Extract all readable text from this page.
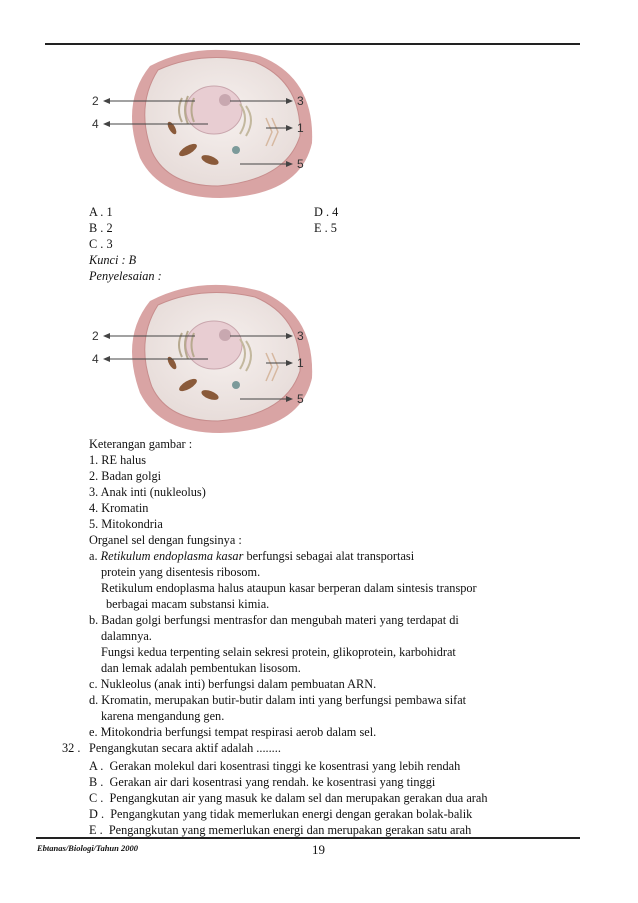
2
4
3
1
5
A . 1
B . 2
C . 3
D . 4
E . 5
Kunci : B
Penyelesaian :
2
4
3
1
5
Keterangan gambar :
1. RE halus
2. Badan golgi
3. Anak inti (nukleolus)
4. Kromatin
5. Mitokondria
Organel sel dengan fungsinya :
a. Retikulum endoplasma kasar berfungsi sebagai alat transportasi
protein yang disentesis ribosom.
Retikulum endoplasma halus ataupun kasar berperan dalam sintesis transpor
berbagai macam substansi kimia.
b. Badan golgi berfungsi mentrasfor dan mengubah materi yang terdapat di
dalamnya.
Fungsi kedua terpenting selain sekresi protein, glikoprotein, karbohidrat
dan lemak adalah pembentukan lisosom.
c. Nukleolus (anak inti) berfungsi dalam pembuatan ARN.
d. Kromatin, merupakan butir-butir dalam inti yang berfungsi pembawa sifat
karena mengandung gen.
e. Mitokondria berfungsi tempat respirasi aerob dalam sel.
32 . Pengangkutan secara aktif adalah ........
A . Gerakan molekul dari kosentrasi tinggi ke kosentrasi yang lebih rendah
B . Gerakan air dari kosentrasi yang rendah. ke kosentrasi yang tinggi
C . Pengangkutan air yang masuk ke dalam sel dan merupakan gerakan dua arah
D . Pengangkutan yang tidak memerlukan energi dengan gerakan bolak-balik
E . Pengangkutan yang memerlukan energi dan merupakan gerakan satu arah
Ebtanas/Biologi/Tahun 2000	19
